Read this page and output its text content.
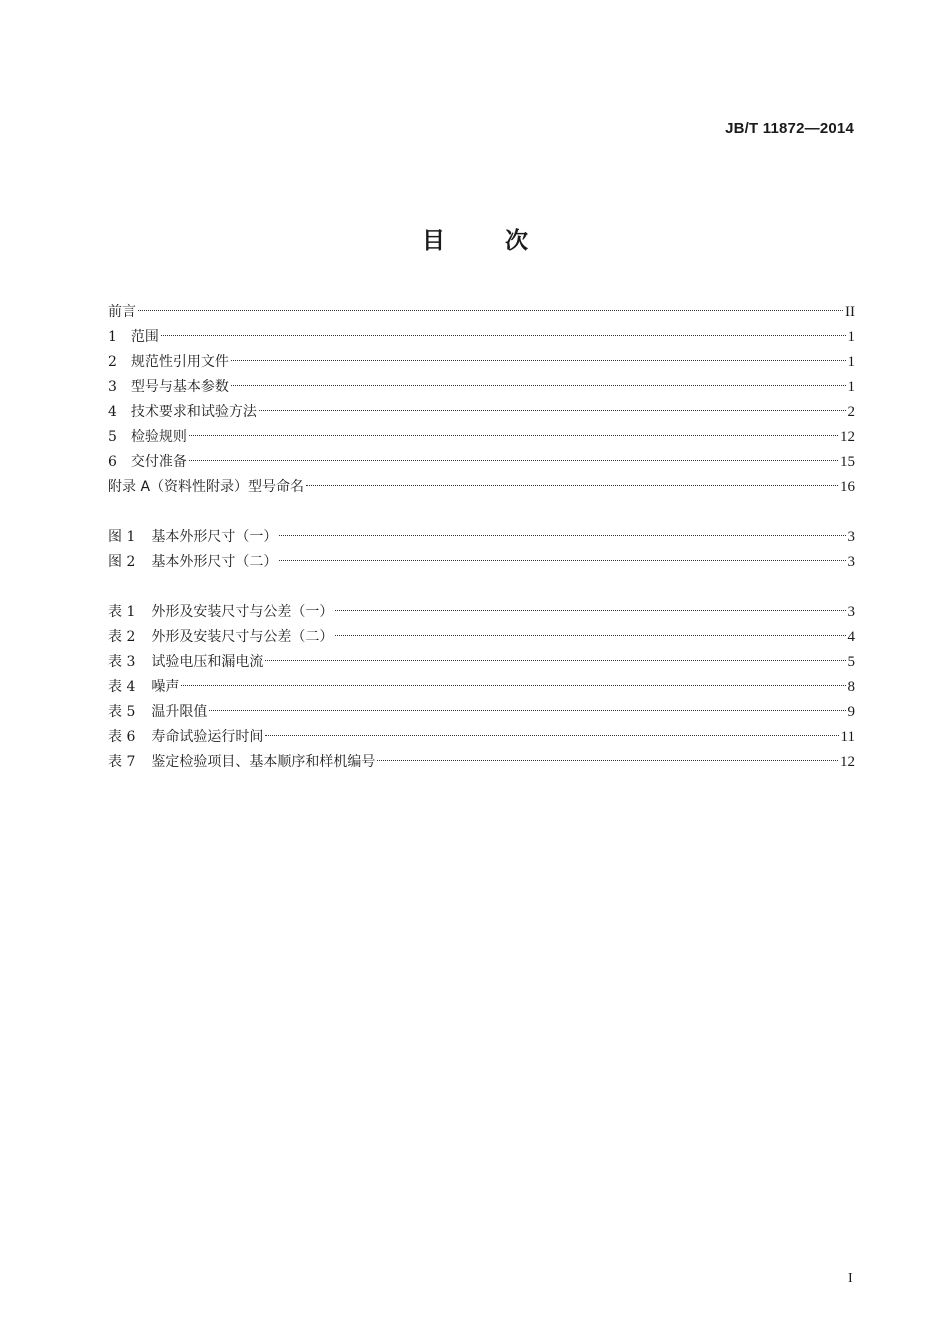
JB/T 11872—2014
目	次
前言	II
1 范围	1
2 规范性引用文件	1
3 型号与基本参数	1
4 技术要求和试验方法	2
5 检验规则	12
6 交付准备	15
附录 A（资料性附录）型号命名	16
图 1 基本外形尺寸（一）	3
图 2 基本外形尺寸（二）	3
表 1 外形及安装尺寸与公差（一）	3
表 2 外形及安装尺寸与公差（二）	4
表 3 试验电压和漏电流	5
表 4 噪声	8
表 5 温升限值	9
表 6 寿命试验运行时间	11
表 7 鉴定检验项目、基本顺序和样机编号	12
I
